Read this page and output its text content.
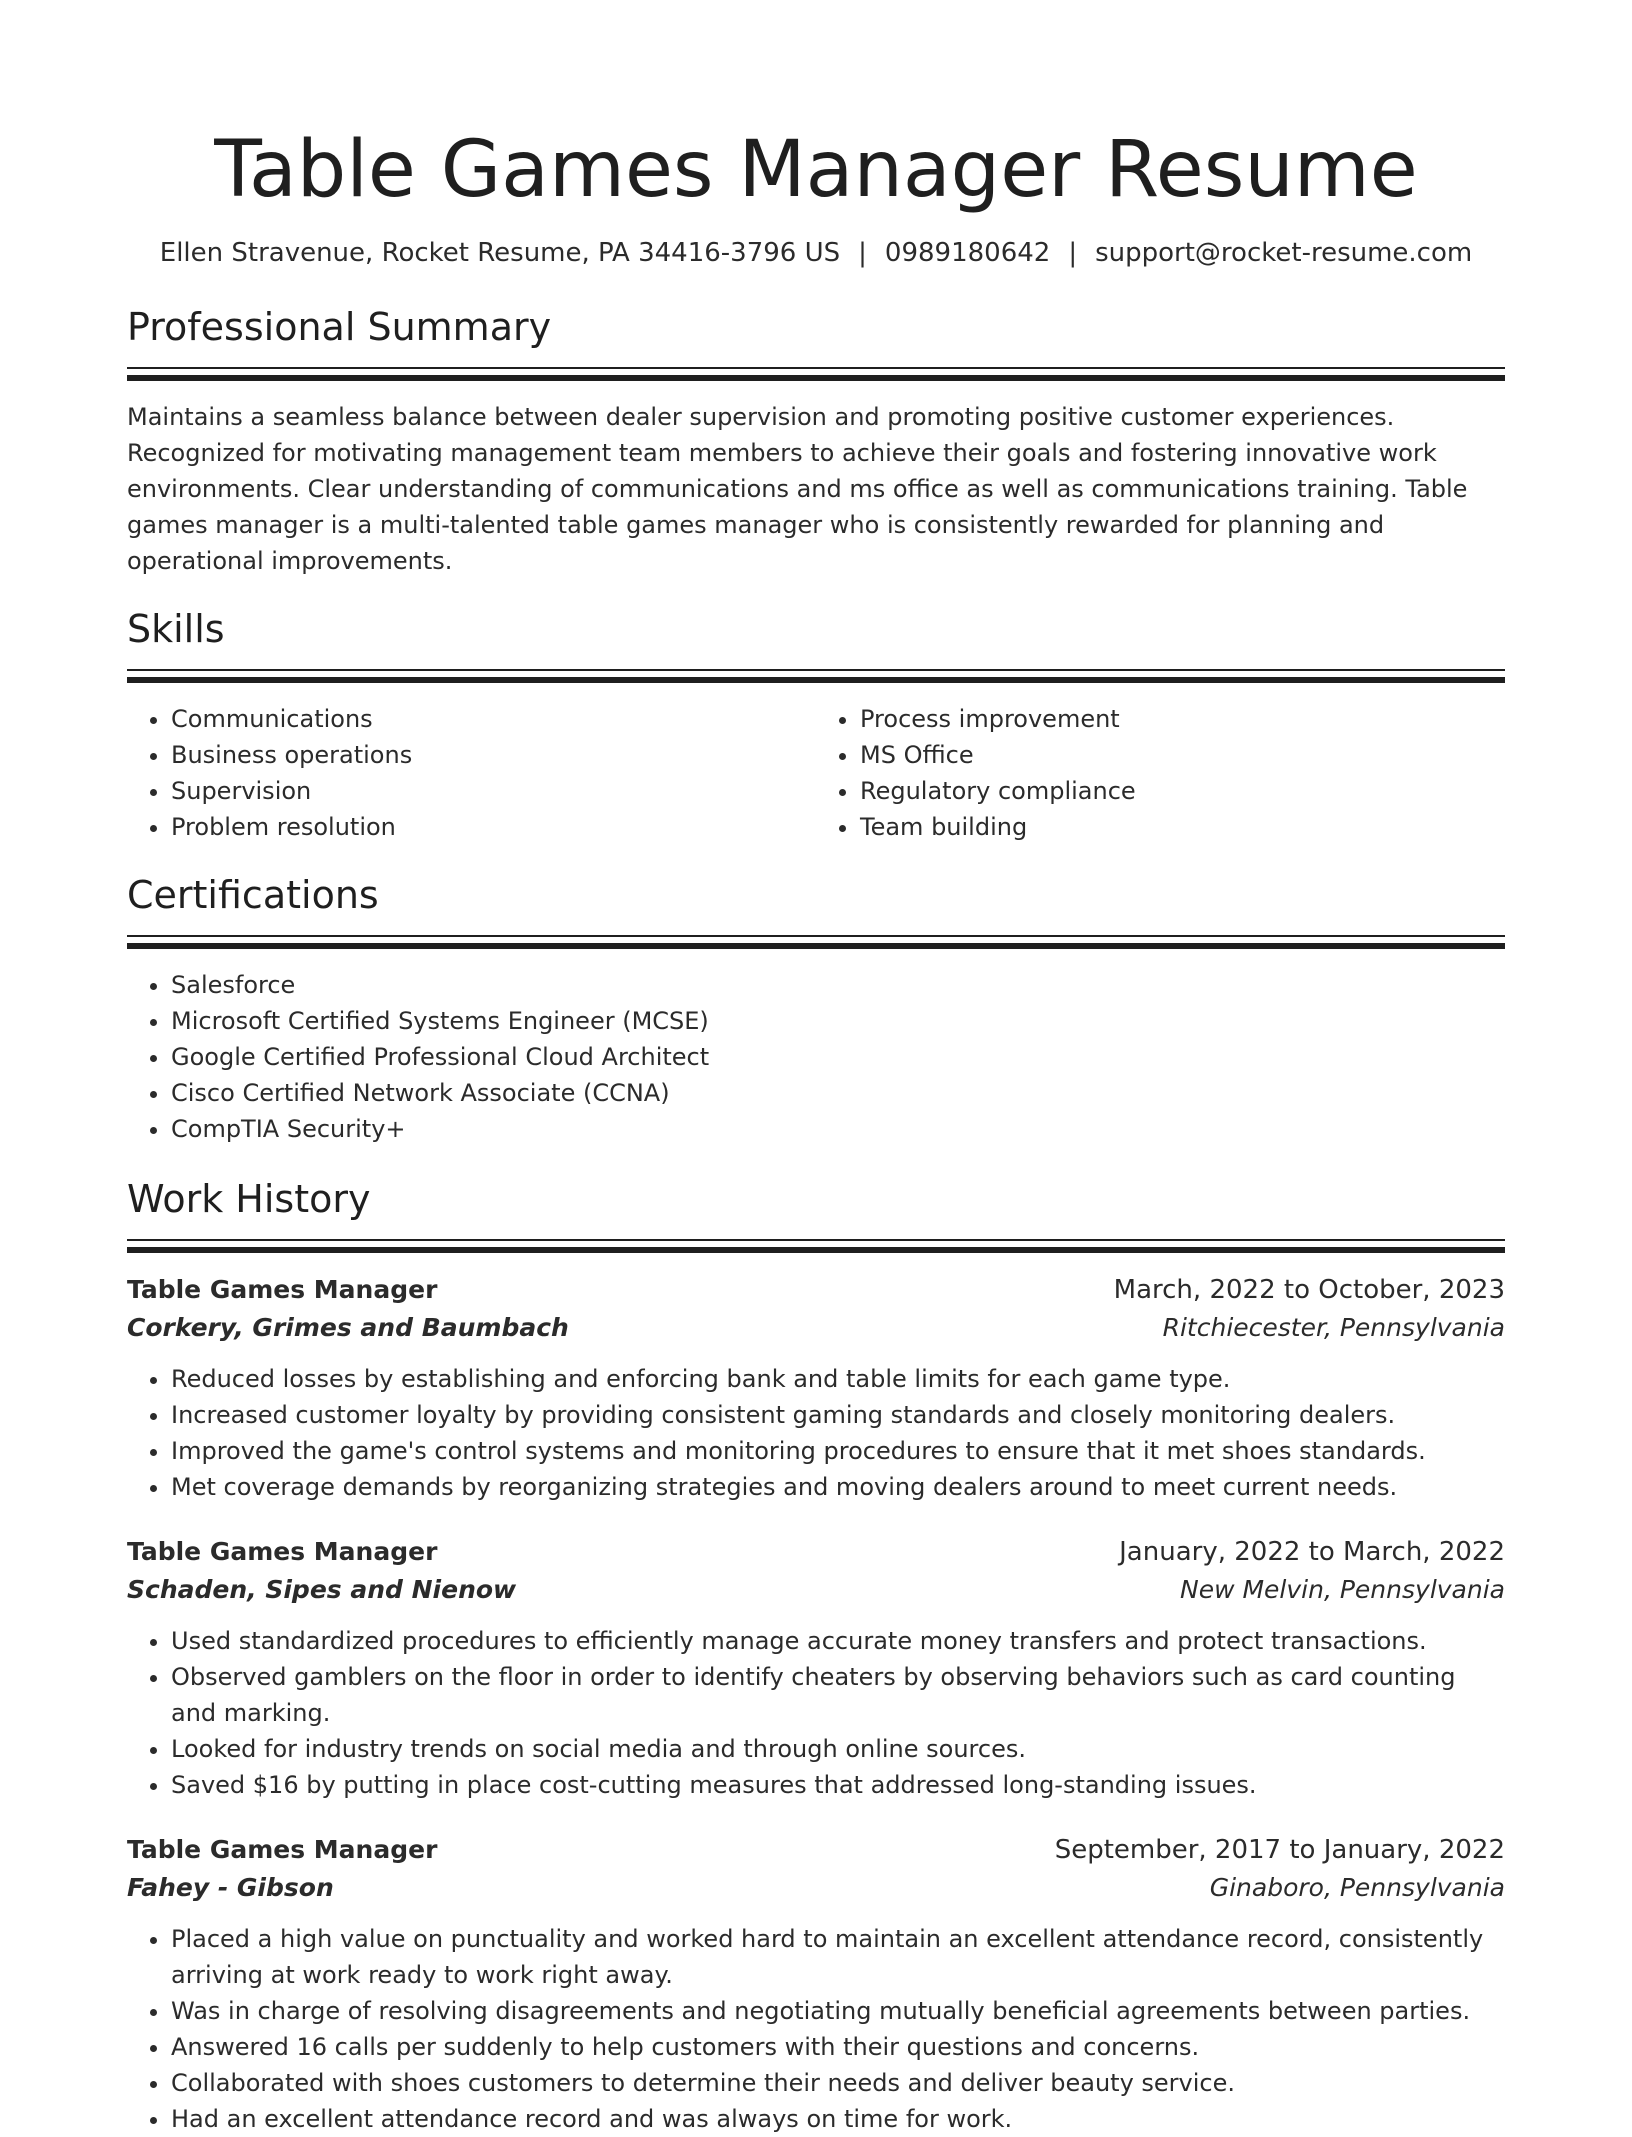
Table Games Manager Resume
Ellen Stravenue, Rocket Resume, PA 34416-3796 US | 0989180642 | support@rocket-resume.com
Professional Summary

Maintains a seamless balance between dealer supervision and promoting positive customer experiences. Recognized for motivating management team members to achieve their goals and fostering innovative work environments. Clear understanding of communications and ms office as well as communications training. Table games manager is a multi-talented table games manager who is consistently rewarded for planning and operational improvements.

Skills
• Communications
• Business operations
• Supervision
• Problem resolution
• Process improvement
• MS Office
• Regulatory compliance
• Team building
Certifications
• Salesforce
• Microsoft Certified Systems Engineer (MCSE)
• Google Certified Professional Cloud Architect
• Cisco Certified Network Associate (CCNA)
• CompTIA Security+
Work History
Table Games Manager	March, 2022 to October, 2023
Corkery, Grimes and Baumbach	Ritchiecester, Pennsylvania
• Reduced losses by establishing and enforcing bank and table limits for each game type.
• Increased customer loyalty by providing consistent gaming standards and closely monitoring dealers.
• Improved the game's control systems and monitoring procedures to ensure that it met shoes standards.
• Met coverage demands by reorganizing strategies and moving dealers around to meet current needs.
Table Games Manager	January, 2022 to March, 2022
Schaden, Sipes and Nienow	New Melvin, Pennsylvania
• Used standardized procedures to efficiently manage accurate money transfers and protect transactions.
• Observed gamblers on the floor in order to identify cheaters by observing behaviors such as card counting and marking.
• Looked for industry trends on social media and through online sources.
• Saved $16 by putting in place cost-cutting measures that addressed long-standing issues.
Table Games Manager	September, 2017 to January, 2022
Fahey - Gibson	Ginaboro, Pennsylvania
• Placed a high value on punctuality and worked hard to maintain an excellent attendance record, consistently arriving at work ready to work right away.
• Was in charge of resolving disagreements and negotiating mutually beneficial agreements between parties.
• Answered 16 calls per suddenly to help customers with their questions and concerns.
• Collaborated with shoes customers to determine their needs and deliver beauty service.
• Had an excellent attendance record and was always on time for work.
